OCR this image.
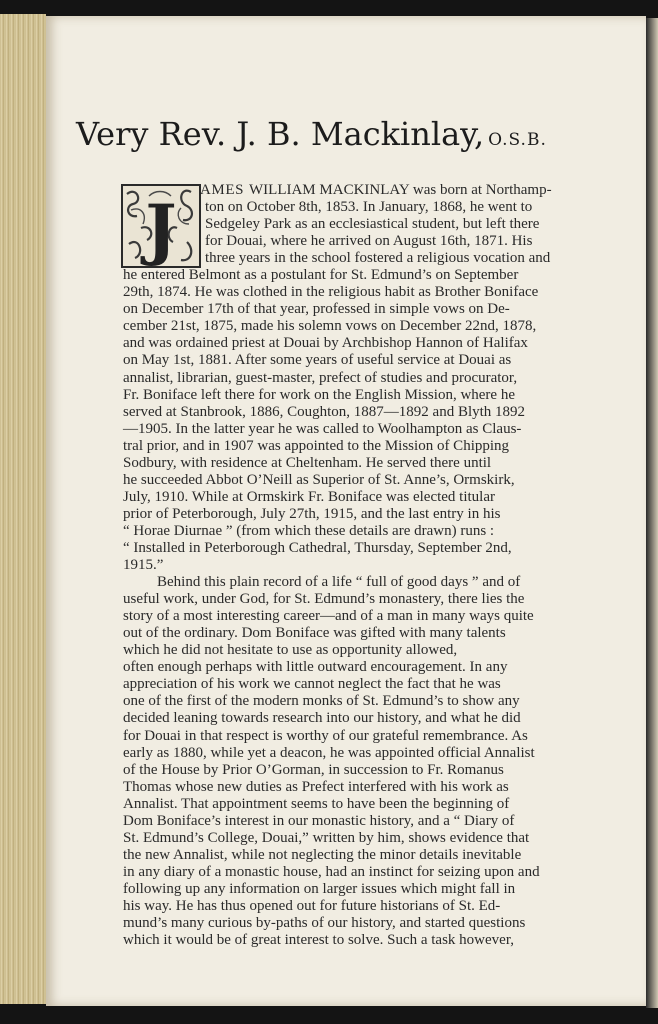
Very Rev. J. B. Mackinlay, O.S.B.
J AMES WILLIAM MACKINLAY was born at Northamp-
ton on October 8th, 1853. In January, 1868, he went to
Sedgeley Park as an ecclesiastical student, but left there
for Douai, where he arrived on August 16th, 1871. His
three years in the school fostered a religious vocation and
he entered Belmont as a postulant for St. Edmund’s on September
29th, 1874. He was clothed in the religious habit as Brother Boniface
on December 17th of that year, professed in simple vows on De-
cember 21st, 1875, made his solemn vows on December 22nd, 1878,
and was ordained priest at Douai by Archbishop Hannon of Halifax
on May 1st, 1881. After some years of useful service at Douai as
annalist, librarian, guest-master, prefect of studies and procurator,
Fr. Boniface left there for work on the English Mission, where he
served at Stanbrook, 1886, Coughton, 1887—1892 and Blyth 1892
—1905. In the latter year he was called to Woolhampton as Claus-
tral prior, and in 1907 was appointed to the Mission of Chipping
Sodbury, with residence at Cheltenham. He served there until
he succeeded Abbot O’Neill as Superior of St. Anne’s, Ormskirk,
July, 1910. While at Ormskirk Fr. Boniface was elected titular
prior of Peterborough, July 27th, 1915, and the last entry in his
“ Horae Diurnae ” (from which these details are drawn) runs :
“ Installed in Peterborough Cathedral, Thursday, September 2nd,
1915.”
Behind this plain record of a life “ full of good days ” and of
useful work, under God, for St. Edmund’s monastery, there lies the
story of a most interesting career—and of a man in many ways quite
out of the ordinary. Dom Boniface was gifted with many talents
which he did not hesitate to use as opportunity allowed,
often enough perhaps with little outward encouragement. In any
appreciation of his work we cannot neglect the fact that he was
one of the first of the modern monks of St. Edmund’s to show any
decided leaning towards research into our history, and what he did
for Douai in that respect is worthy of our grateful remembrance. As
early as 1880, while yet a deacon, he was appointed official Annalist
of the House by Prior O’Gorman, in succession to Fr. Romanus
Thomas whose new duties as Prefect interfered with his work as
Annalist. That appointment seems to have been the beginning of
Dom Boniface’s interest in our monastic history, and a “ Diary of
St. Edmund’s College, Douai,” written by him, shows evidence that
the new Annalist, while not neglecting the minor details inevitable
in any diary of a monastic house, had an instinct for seizing upon and
following up any information on larger issues which might fall in
his way. He has thus opened out for future historians of St. Ed-
mund’s many curious by-paths of our history, and started questions
which it would be of great interest to solve. Such a task however,
